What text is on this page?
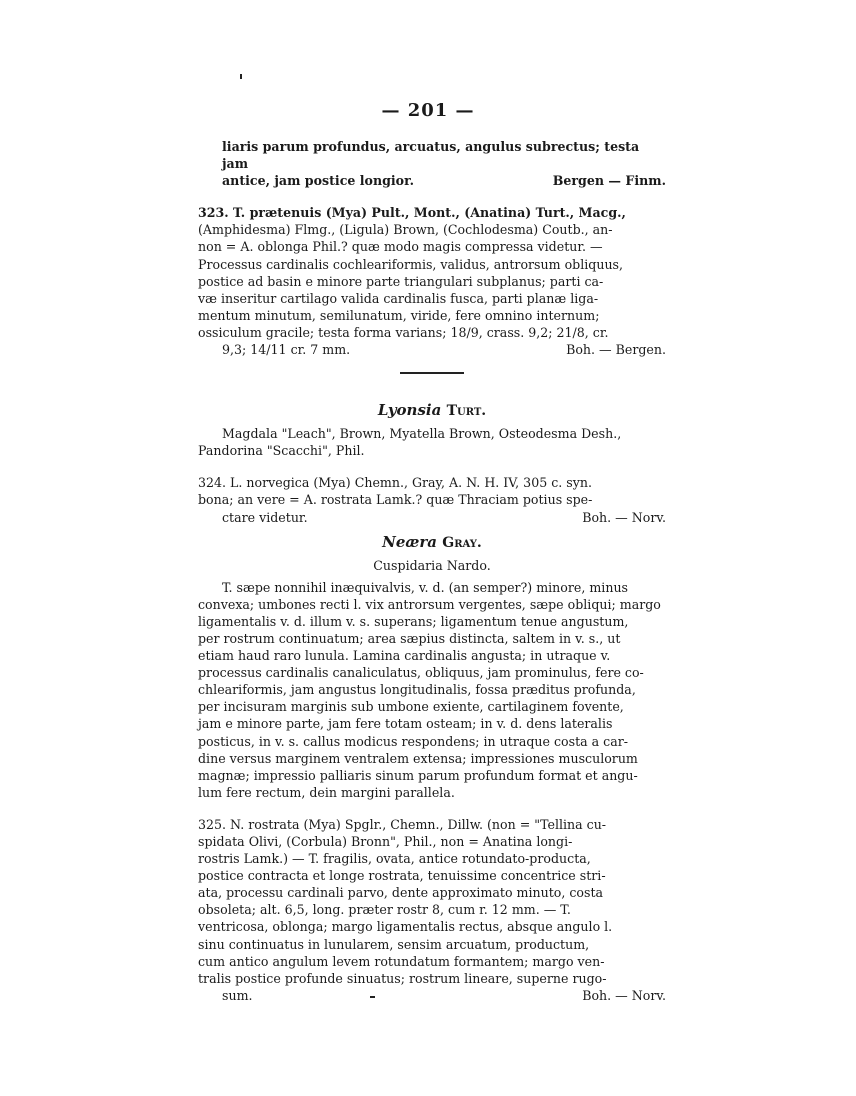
— 201 —

liaris parum profundus, arcuatus, angulus subrectus; testa jam

antice, jam postice longior.	Bergen — Finm.

323. T. prætenuis (Mya) Pult., Mont., (Anatina) Turt., Macg.,

(Amphidesma) Flmg., (Ligula) Brown, (Cochlodesma) Coutb., an-

non = A. oblonga Phil.? quæ modo magis compressa videtur. —

Processus cardinalis cochleariformis, validus, antrorsum obliquus,

postice ad basin e minore parte triangulari subplanus; parti ca-

væ inseritur cartilago valida cardinalis fusca, parti planæ liga-

mentum minutum, semilunatum, viride, fere omnino internum;

ossiculum gracile; testa forma varians; 18/9, crass. 9,2; 21/8, cr.

9,3; 14/11 cr. 7 mm.	Boh. — Bergen.
Lyonsia Turt.

Magdala "Leach", Brown, Myatella Brown, Osteodesma Desh.,

Pandorina "Scacchi", Phil.

324. L. norvegica (Mya) Chemn., Gray, A. N. H. IV, 305 c. syn.

bona; an vere = A. rostrata Lamk.? quæ Thraciam potius spe-

ctare videtur.	Boh. — Norv.
Neæra Gray.
Cuspidaria Nardo.

T. sæpe nonnihil inæquivalvis, v. d. (an semper?) minore, minus

convexa; umbones recti l. vix antrorsum vergentes, sæpe obliqui; margo

ligamentalis v. d. illum v. s. superans; ligamentum tenue angustum,

per rostrum continuatum; area sæpius distincta, saltem in v. s., ut

etiam haud raro lunula. Lamina cardinalis angusta; in utraque v.

processus cardinalis canaliculatus, obliquus, jam prominulus, fere co-

chleariformis, jam angustus longitudinalis, fossa præditus profunda,

per incisuram marginis sub umbone exiente, cartilaginem fovente,

jam e minore parte, jam fere totam osteam; in v. d. dens lateralis

posticus, in v. s. callus modicus respondens; in utraque costa a car-

dine versus marginem ventralem extensa; impressiones musculorum

magnæ; impressio palliaris sinum parum profundum format et angu-

lum fere rectum, dein margini parallela.

325. N. rostrata (Mya) Spglr., Chemn., Dillw. (non = "Tellina cu-

spidata Olivi, (Corbula) Bronn", Phil., non = Anatina longi-

rostris Lamk.) — T. fragilis, ovata, antice rotundato-producta,

postice contracta et longe rostrata, tenuissime concentrice stri-

ata, processu cardinali parvo, dente approximato minuto, costa

obsoleta; alt. 6,5, long. præter rostr 8, cum r. 12 mm. — T.

ventricosa, oblonga; margo ligamentalis rectus, absque angulo l.

sinu continuatus in lunularem, sensim arcuatum, productum,

cum antico angulum levem rotundatum formantem; margo ven-

tralis postice profunde sinuatus; rostrum lineare, superne rugo-

sum.	Boh. — Norv.
